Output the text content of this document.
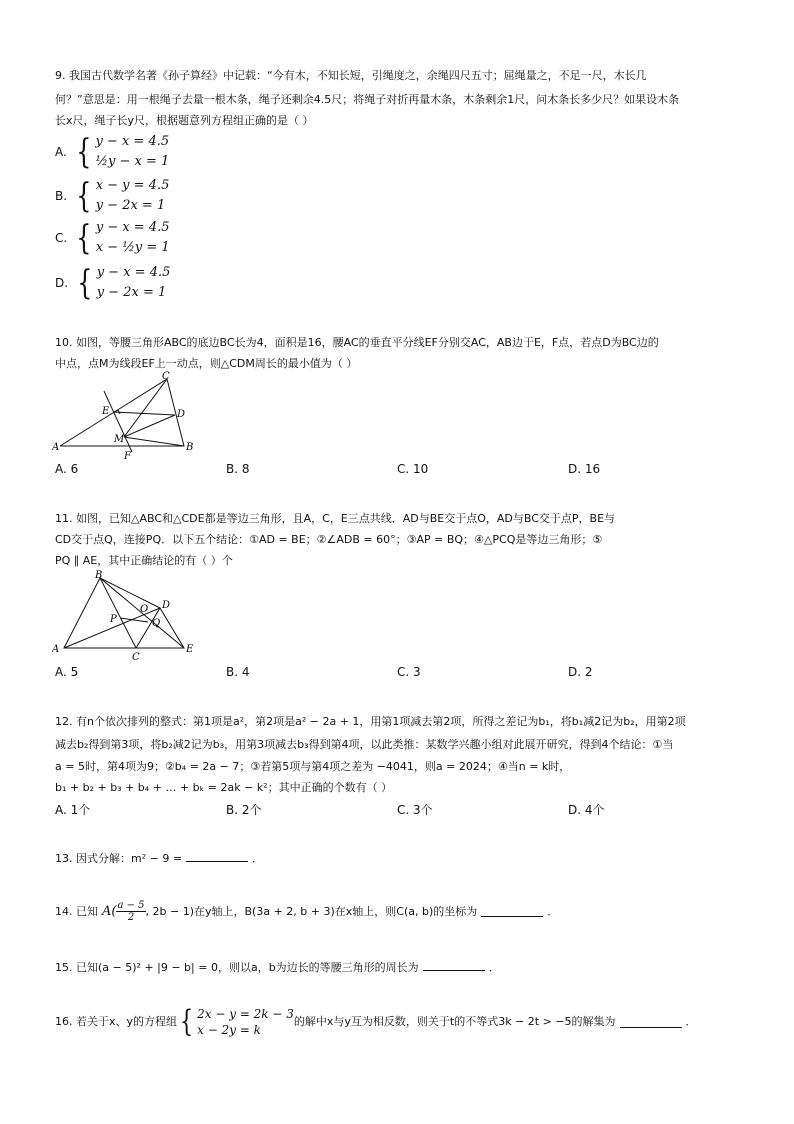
9. 我国古代数学名著《孙子算经》中记载：“今有木，不知长短，引绳度之，余绳四尺五寸；屈绳量之，不足一尺，木长几
何？”意思是：用一根绳子去量一根木条，绳子还剩余4.5尺；将绳子对折再量木条，木条剩余1尺，问木条长多少尺？如果设木条
长x尺，绳子长y尺，根据题意列方程组正确的是（ ）
A. { y − x = 4.5
½y − x = 1
B. { x − y = 4.5
y − 2x = 1
C. { y − x = 4.5
x − ½y = 1
D. { y − x = 4.5
y − 2x = 1
10. 如图，等腰三角形ABC的底边BC长为4，面积是16，腰AC的垂直平分线EF分别交AC，AB边于E，F点，若点D为BC边的
中点，点M为线段EF上一动点，则△CDM周长的最小值为（ ）
A	B
C
D
E
F
M
A. 6	B. 8	C. 10	D. 16
11. 如图，已知△ABC和△CDE都是等边三角形，且A，C，E三点共线．AD与BE交于点O，AD与BC交于点P，BE与
CD交于点Q，连接PQ．以下五个结论：①AD = BE；②∠ADB = 60°；③AP = BQ；④△PCQ是等边三角形；⑤
PQ ∥ AE，其中正确结论的有（ ）个
A
B
C
D
E
O
P	Q
A. 5	B. 4	C. 3	D. 2
12. 有n个依次排列的整式：第1项是a²，第2项是a² − 2a + 1，用第1项减去第2项，所得之差记为b₁，将b₁减2记为b₂，用第2项
减去b₂得到第3项，将b₂减2记为b₃，用第3项减去b₃得到第4项，以此类推：某数学兴趣小组对此展开研究，得到4个结论：①当
a = 5时，第4项为9；②b₄ = 2a − 7；③若第5项与第4项之差为 −4041，则a = 2024；④当n = k时，
b₁ + b₂ + b₃ + b₄ + … + bₖ = 2ak − k²；其中正确的个数有（ ）
A. 1个	B. 2个	C. 3个	D. 4个
13. 因式分解：m² − 9 =	．
14. 已知 $A( \frac{a - 5}{2}$ , 2b − 1)在y轴上，B(3a + 2, b + 3)在x轴上，则C(a, b)的坐标为	．
15. 已知(a − 5)² + |9 − b| = 0，则以a，b为边长的等腰三角形的周长为	．
16. 若关于x、y的方程组 { 2x − y = 2k − 3
x − 2y = k
的解中x与y互为相反数，则关于t的不等式3k − 2t > −5的解集为	．
